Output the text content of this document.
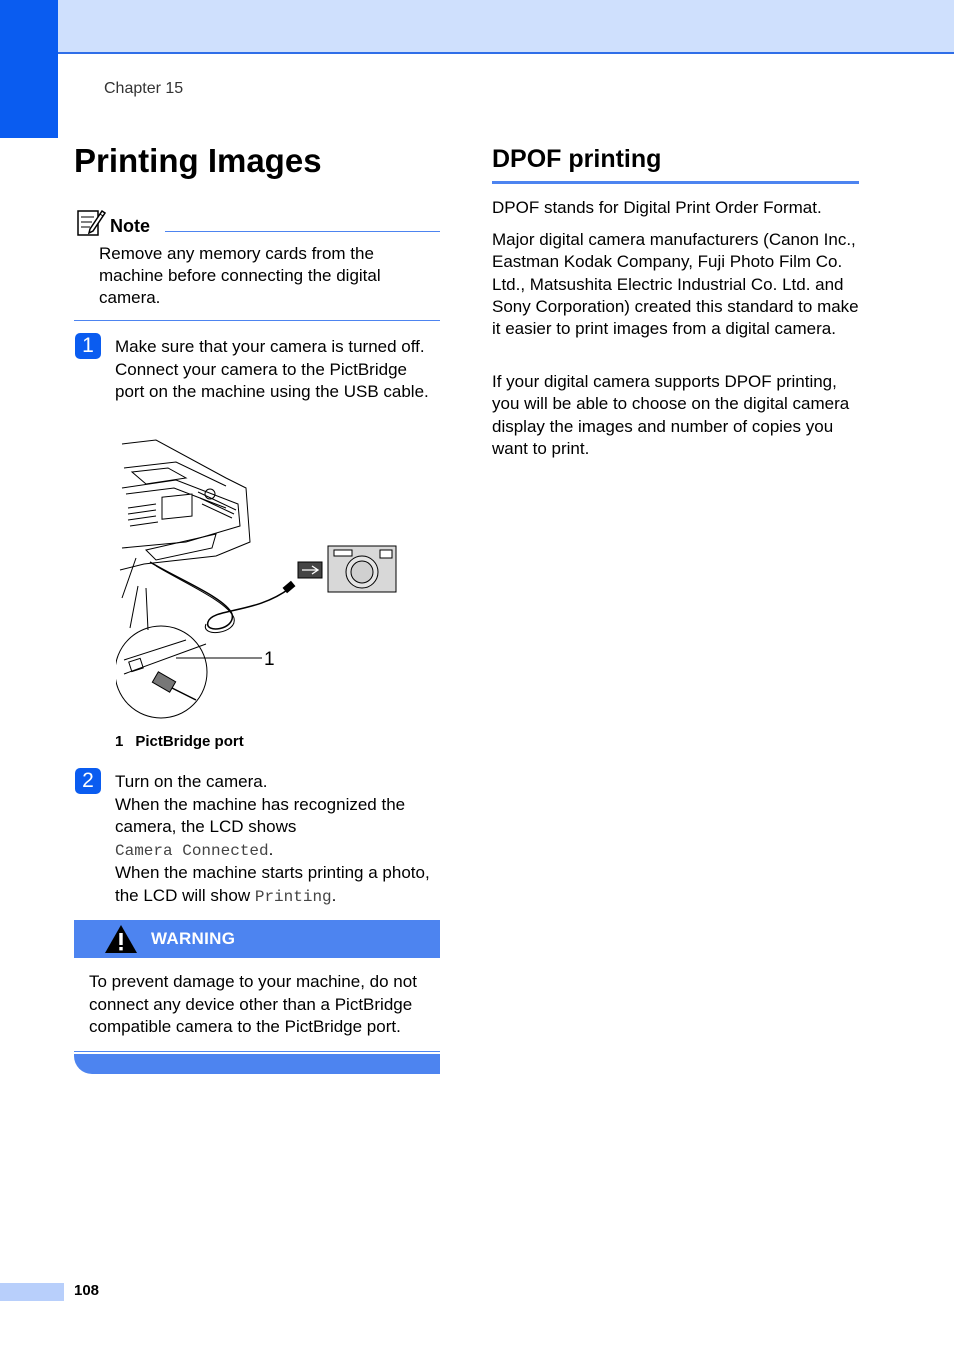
Chapter 15
Printing Images
Note
Remove any memory cards from the machine before connecting the digital camera.
1	Make sure that your camera is turned off. Connect your camera to the PictBridge port on the machine using the USB cable.
1
1 PictBridge port
2	Turn on the camera.
When the machine has recognized the camera, the LCD shows
Camera Connected.
When the machine starts printing a photo, the LCD will show Printing.
WARNING
To prevent damage to your machine, do not connect any device other than a PictBridge compatible camera to the PictBridge port.
DPOF printing

DPOF stands for Digital Print Order Format.

Major digital camera manufacturers (Canon Inc., Eastman Kodak Company, Fuji Photo Film Co. Ltd., Matsushita Electric Industrial Co. Ltd. and Sony Corporation) created this standard to make it easier to print images from a digital camera.

If your digital camera supports DPOF printing, you will be able to choose on the digital camera display the images and number of copies you want to print.

108
